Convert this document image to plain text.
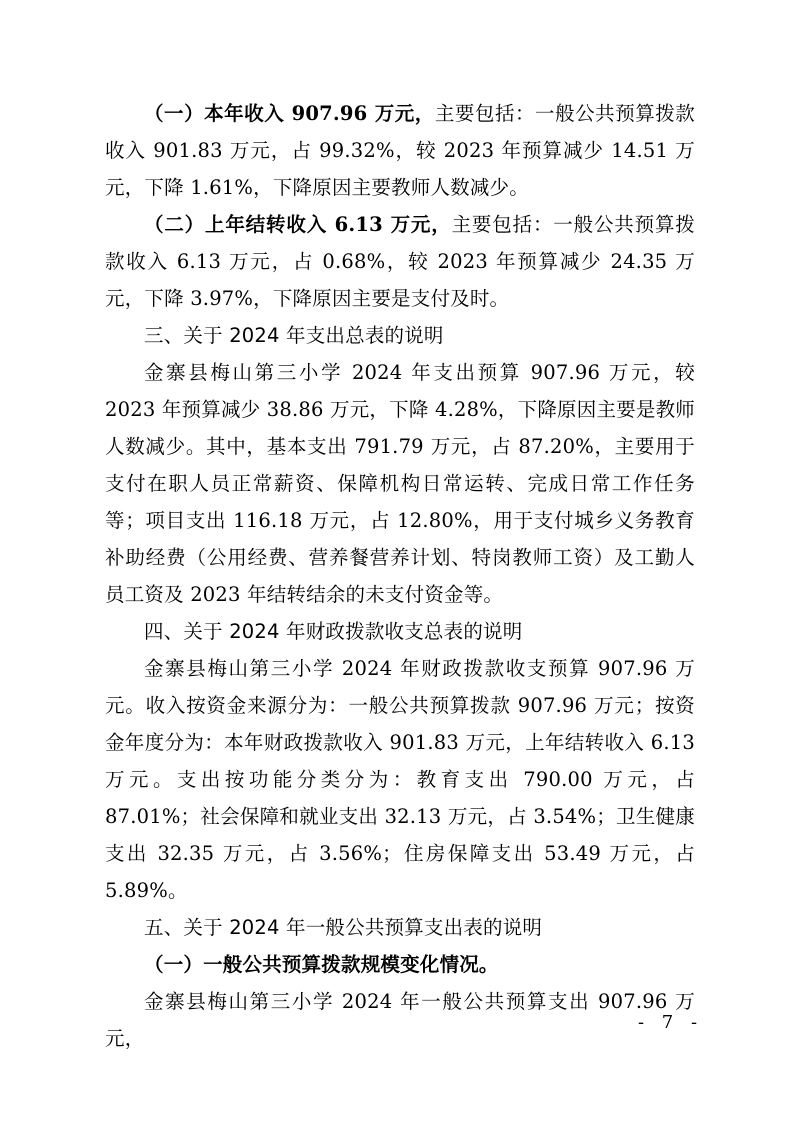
（一）本年收入 907.96 万元，主要包括：一般公共预算拨款收入 901.83 万元，占 99.32%，较 2023 年预算减少 14.51 万元，下降 1.61%，下降原因主要教师人数减少。

（二）上年结转收入 6.13 万元，主要包括：一般公共预算拨款收入 6.13 万元，占 0.68%，较 2023 年预算减少 24.35 万元，下降 3.97%，下降原因主要是支付及时。

三、关于 2024 年支出总表的说明

金寨县梅山第三小学 2024 年支出预算 907.96 万元，较 2023 年预算减少 38.86 万元，下降 4.28%，下降原因主要是教师人数减少。其中，基本支出 791.79 万元，占 87.20%，主要用于支付在职人员正常薪资、保障机构日常运转、完成日常工作任务等；项目支出 116.18 万元，占 12.80%，用于支付城乡义务教育补助经费（公用经费、营养餐营养计划、特岗教师工资）及工勤人员工资及 2023 年结转结余的未支付资金等。

四、关于 2024 年财政拨款收支总表的说明

金寨县梅山第三小学 2024 年财政拨款收支预算 907.96 万元。收入按资金来源分为：一般公共预算拨款 907.96 万元；按资金年度分为：本年财政拨款收入 901.83 万元，上年结转收入 6.13 万元。支出按功能分类分为：教育支出 790.00 万元，占 87.01%；社会保障和就业支出 32.13 万元，占 3.54%；卫生健康支出 32.35 万元，占 3.56%；住房保障支出 53.49 万元，占 5.89%。

五、关于 2024 年一般公共预算支出表的说明

（一）一般公共预算拨款规模变化情况。

金寨县梅山第三小学 2024 年一般公共预算支出 907.96 万元，

- 7 -
